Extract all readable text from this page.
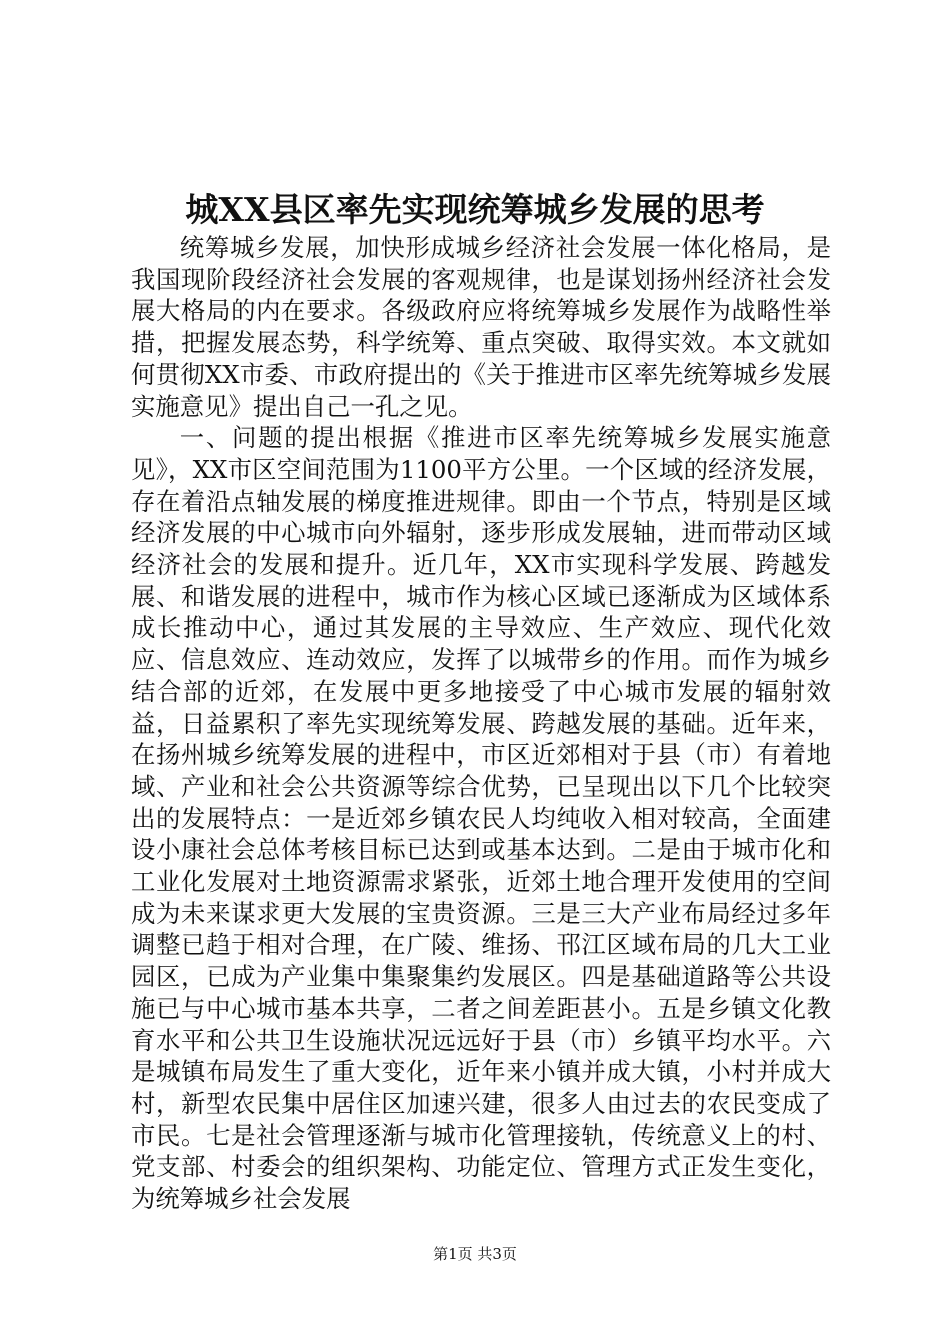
城XX县区率先实现统筹城乡发展的思考

统筹城乡发展，加快形成城乡经济社会发展一体化格局，是我国现阶段经济社会发展的客观规律，也是谋划扬州经济社会发展大格局的内在要求。各级政府应将统筹城乡发展作为战略性举措，把握发展态势，科学统筹、重点突破、取得实效。本文就如何贯彻XX市委、市政府提出的《关于推进市区率先统筹城乡发展实施意见》提出自己一孔之见。

一、问题的提出根据《推进市区率先统筹城乡发展实施意见》，XX市区空间范围为1100平方公里。一个区域的经济发展，存在着沿点轴发展的梯度推进规律。即由一个节点，特别是区域经济发展的中心城市向外辐射，逐步形成发展轴，进而带动区域经济社会的发展和提升。近几年，XX市实现科学发展、跨越发展、和谐发展的进程中，城市作为核心区域已逐渐成为区域体系成长推动中心，通过其发展的主导效应、生产效应、现代化效应、信息效应、连动效应，发挥了以城带乡的作用。而作为城乡结合部的近郊，在发展中更多地接受了中心城市发展的辐射效益，日益累积了率先实现统筹发展、跨越发展的基础。近年来，在扬州城乡统筹发展的进程中，市区近郊相对于县（市）有着地域、产业和社会公共资源等综合优势，已呈现出以下几个比较突出的发展特点：一是近郊乡镇农民人均纯收入相对较高，全面建设小康社会总体考核目标已达到或基本达到。二是由于城市化和工业化发展对土地资源需求紧张，近郊土地合理开发使用的空间成为未来谋求更大发展的宝贵资源。三是三大产业布局经过多年调整已趋于相对合理，在广陵、维扬、邗江区域布局的几大工业园区，已成为产业集中集聚集约发展区。四是基础道路等公共设施已与中心城市基本共享，二者之间差距甚小。五是乡镇文化教育水平和公共卫生设施状况远远好于县（市）乡镇平均水平。六是城镇布局发生了重大变化，近年来小镇并成大镇，小村并成大村，新型农民集中居住区加速兴建，很多人由过去的农民变成了市民。七是社会管理逐渐与城市化管理接轨，传统意义上的村、党支部、村委会的组织架构、功能定位、管理方式正发生变化，为统筹城乡社会发展

第1页 共3页
